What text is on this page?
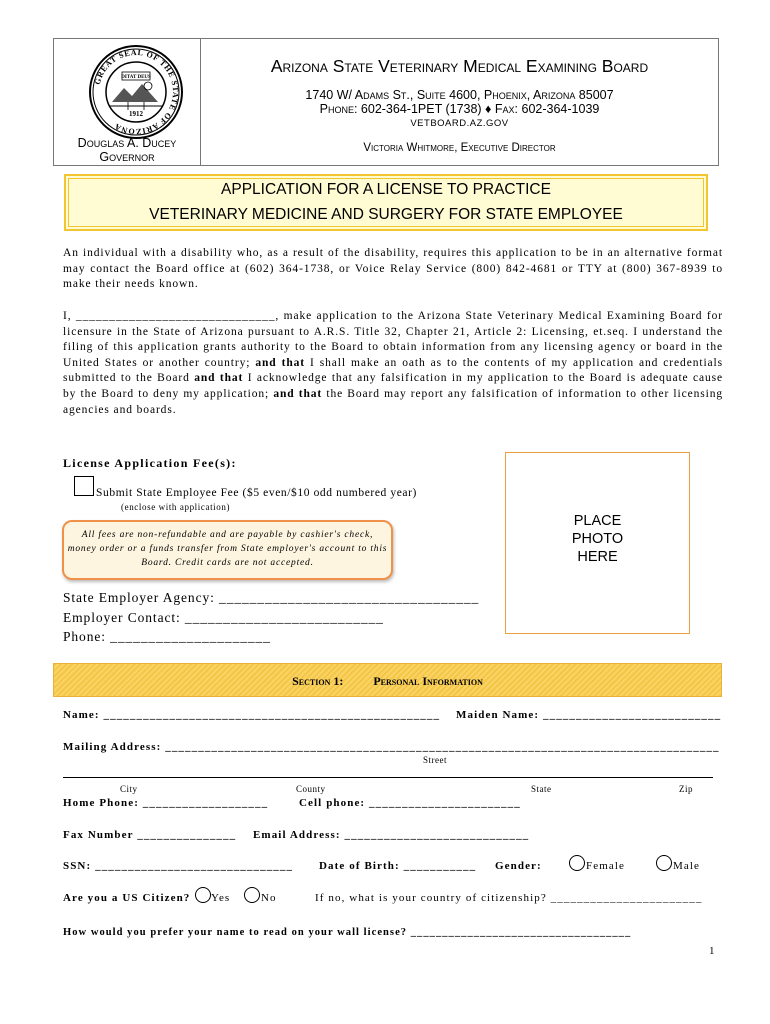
GREAT SEAL OF THE STATE OF ARIZONA
DITAT DEUS
1912
Douglas A. Ducey
Governor
Arizona State Veterinary Medical Examining Board
1740 W/ Adams St., Suite 4600, Phoenix, Arizona 85007
Phone: 602-364-1PET (1738) ♦ Fax: 602-364-1039
VETBOARD.AZ.GOV
Victoria Whitmore, Executive Director
APPLICATION FOR A LICENSE TO PRACTICE
VETERINARY MEDICINE AND SURGERY FOR STATE EMPLOYEE
An individual with a disability who, as a result of the disability, requires this application to be in an alternative format may contact the Board office at (602) 364-1738, or Voice Relay Service (800) 842-4681 or TTY at (800) 367-8939 to make their needs known.
I, ______________________________, make application to the Arizona State Veterinary Medical Examining Board for licensure in the State of Arizona pursuant to A.R.S. Title 32, Chapter 21, Article 2: Licensing, et.seq. I understand the filing of this application grants authority to the Board to obtain information from any licensing agency or board in the United States or another country; and that I shall make an oath as to the contents of my application and credentials submitted to the Board and that I acknowledge that any falsification in my application to the Board is adequate cause by the Board to deny my application; and that the Board may report any falsification of information to other licensing agencies and boards.
License Application Fee(s):
Submit State Employee Fee ($5 even/$10 odd numbered year)
(enclose with application)
All fees are non-refundable and are payable by cashier's check, money order or a funds transfer from State employer's account to this Board. Credit cards are not accepted.
PLACE
PHOTO
HERE
State Employer Agency: __________________________________
Employer Contact: __________________________
Phone: _____________________
Section 1:	Personal Information
Name: ___________________________________________________ Maiden Name: ___________________________
Mailing Address: ____________________________________________________________________________________
Street
City	County	State	Zip
Home Phone: ___________________	Cell phone: _______________________
Fax Number _______________ Email Address: ____________________________
SSN: ______________________________ Date of Birth: ___________ Gender:	Female	Male
Are you a US Citizen? Yes	No	If no, what is your country of citizenship? _______________________
How would you prefer your name to read on your wall license? ___________________________________
1
